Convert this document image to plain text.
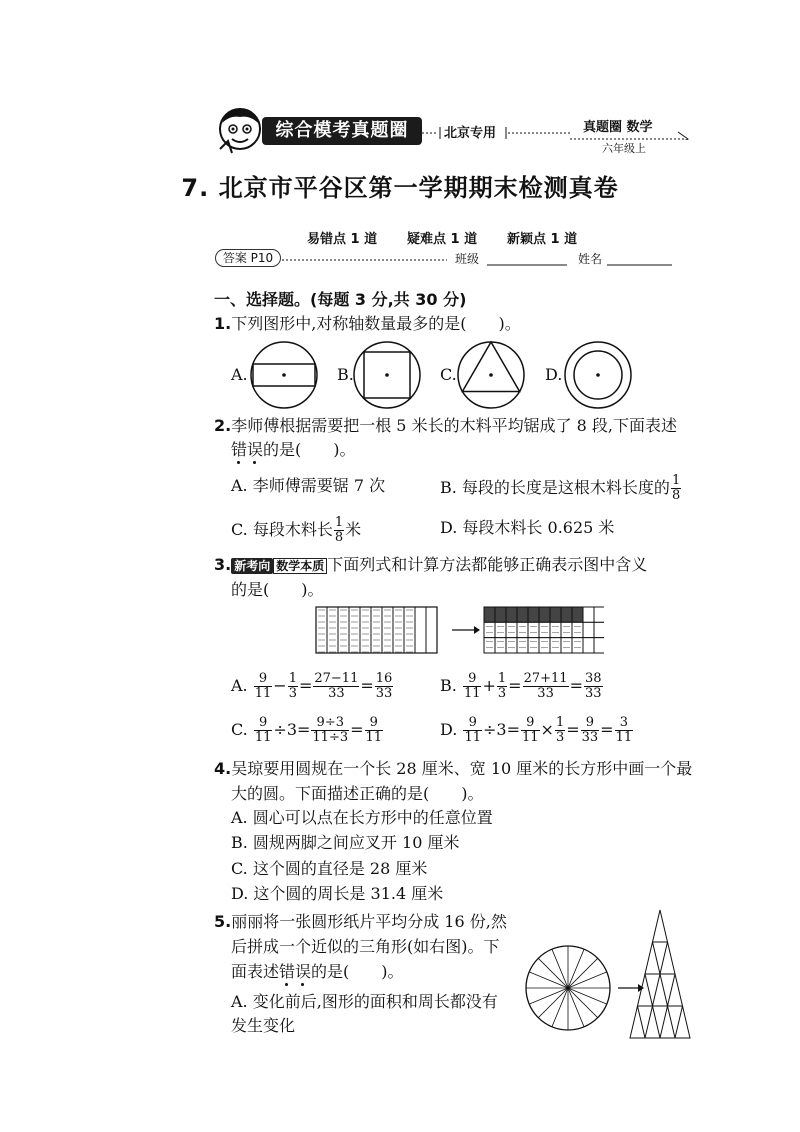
综合模考真题圈	北京专用	真题圈 数学
六年级上
7. 北京市平谷区第一学期期末检测真卷
易错点 1 道 疑难点 1 道 新颖点 1 道
答案 P10	班级	姓名
一、选择题。(每题 3 分,共 30 分)
1.下列图形中,对称轴数量最多的是(　　)。
A.	B.	C.	D.
2.李师傅根据需要把一根 5 米长的木料平均锯成了 8 段,下面表述
错误的是(　　)。
A. 李师傅需要锯 7 次	B. 每段的长度是这根木料长度的 $\frac{1}{8}$
C. 每段木料长 $\frac{1}{8}$ 米	D. 每段木料长 0.625 米
3. 新考向 数学本质 下面列式和计算方法都能够正确表示图中含义
的是(　　)。
A. $\frac{9}{11} - \frac{1}{3} = \frac{27-11}{33} = \frac{16}{33}$	B. $\frac{9}{11} + \frac{1}{3} = \frac{27+11}{33} = \frac{38}{33}$
C. $\frac{9}{11} \div 3= \frac{9\div 3}{11\div 3} = \frac{9}{11}$	D. $\frac{9}{11} \div 3= \frac{9}{11} \times \frac{1}{3} = \frac{9}{33} = \frac{3}{11}$
4.吴琼要用圆规在一个长 28 厘米、宽 10 厘米的长方形中画一个最
大的圆。下面描述正确的是(　　)。
A. 圆心可以点在长方形中的任意位置
B. 圆规两脚之间应叉开 10 厘米
C. 这个圆的直径是 28 厘米
D. 这个圆的周长是 31.4 厘米
5.丽丽将一张圆形纸片平均分成 16 份,然
后拼成一个近似的三角形(如右图)。下
面表述错误的是(　　)。
A. 变化前后,图形的面积和周长都没有
发生变化
